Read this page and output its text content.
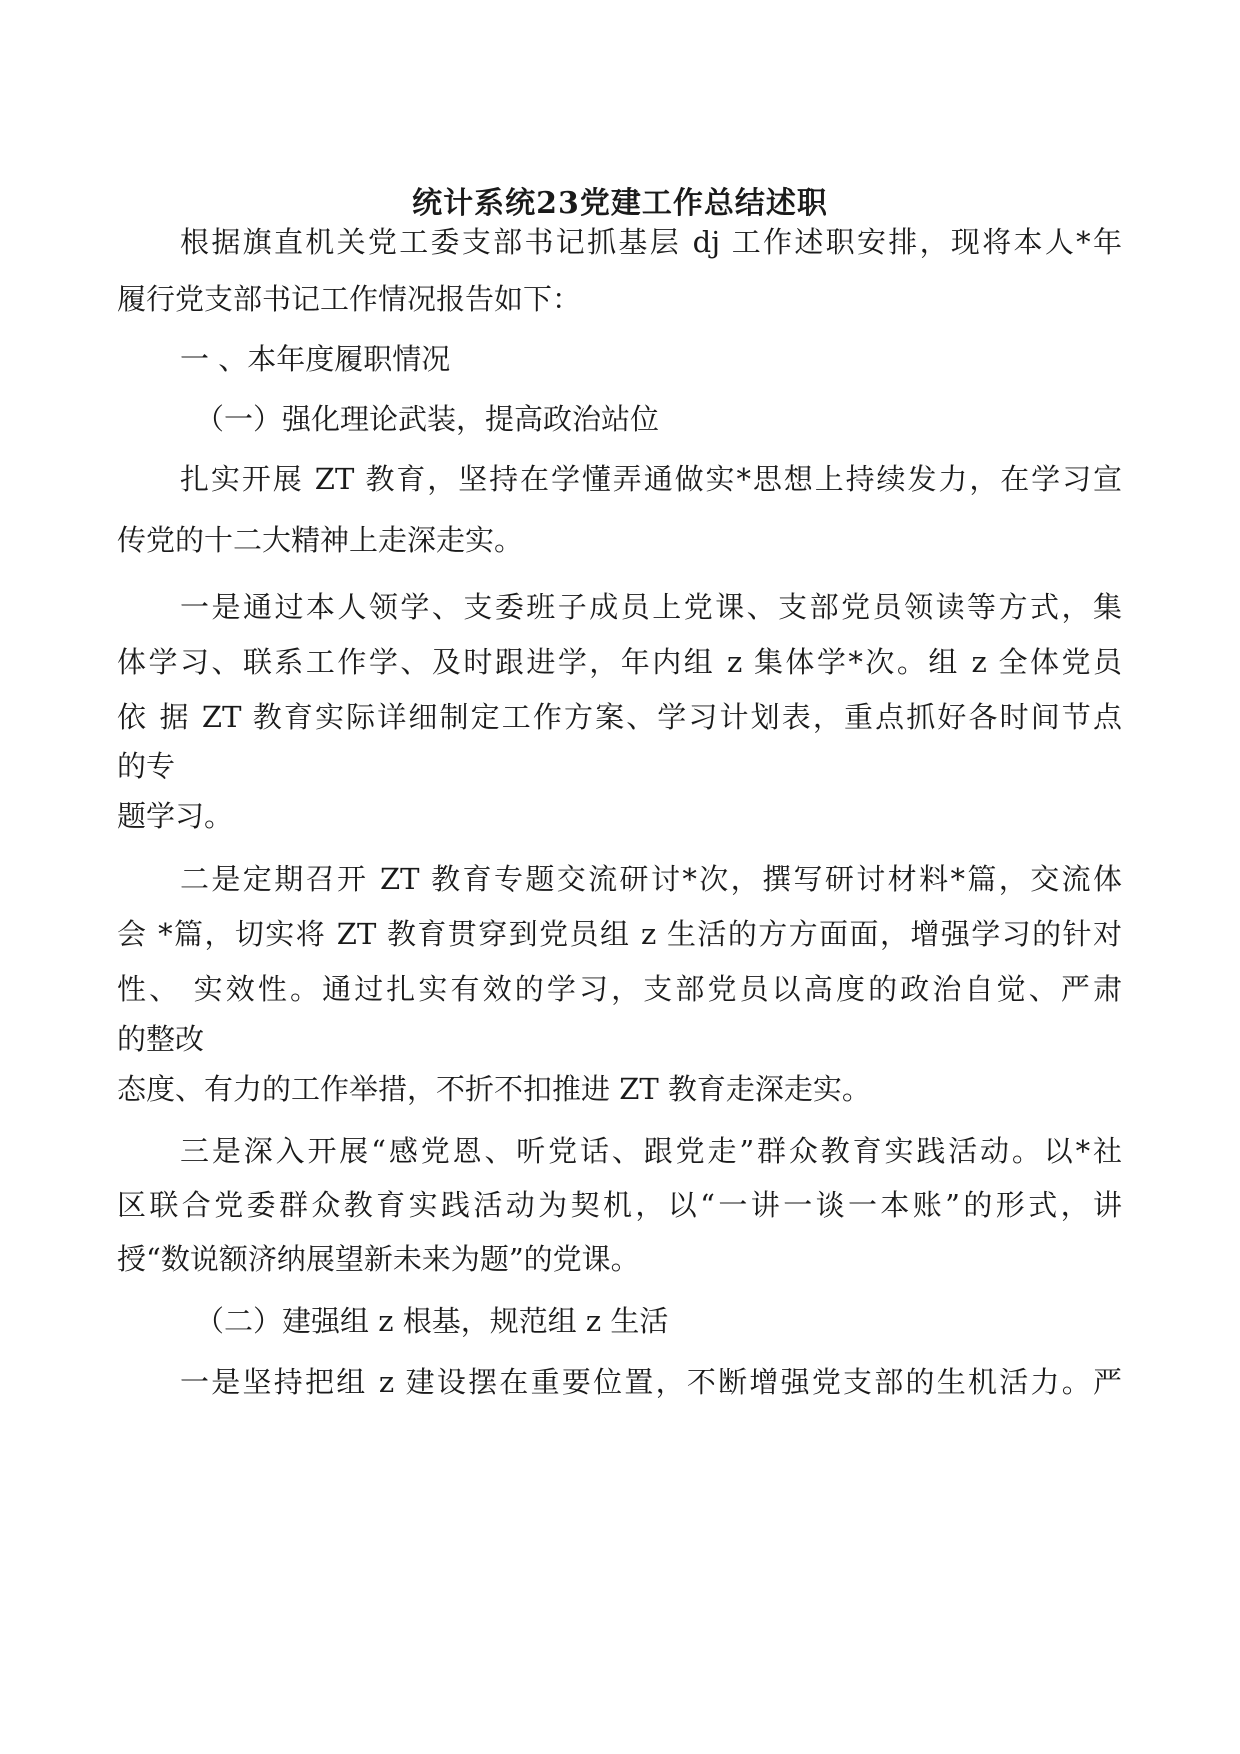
统计系统23党建工作总结述职

根据旗直机关党工委支部书记抓基层 dj 工作述职安排，现将本人*年

履行党支部书记工作情况报告如下：

一 、本年度履职情况

（一）强化理论武装，提高政治站位

扎实开展 ZT 教育，坚持在学懂弄通做实*思想上持续发力，在学习宣

传党的十二大精神上走深走实。

一是通过本人领学、支委班子成员上党课、支部党员领读等方式，集

体学习、联系工作学、及时跟进学，年内组 z 集体学*次。组 z 全体党员

依 据 ZT 教育实际详细制定工作方案、学习计划表，重点抓好各时间节点

的专

题学习。

二是定期召开 ZT 教育专题交流研讨*次，撰写研讨材料*篇，交流体

会 *篇，切实将 ZT 教育贯穿到党员组 z 生活的方方面面，增强学习的针对

性、 实效性。通过扎实有效的学习，支部党员以高度的政治自觉、严肃

的整改

态度、有力的工作举措，不折不扣推进 ZT 教育走深走实。

三是深入开展“感党恩、听党话、跟党走”群众教育实践活动。以*社

区联合党委群众教育实践活动为契机，以“一讲一谈一本账”的形式，讲

授“数说额济纳展望新未来为题”的党课。

（二）建强组 z 根基，规范组 z 生活

一是坚持把组 z 建设摆在重要位置，不断增强党支部的生机活力。严
